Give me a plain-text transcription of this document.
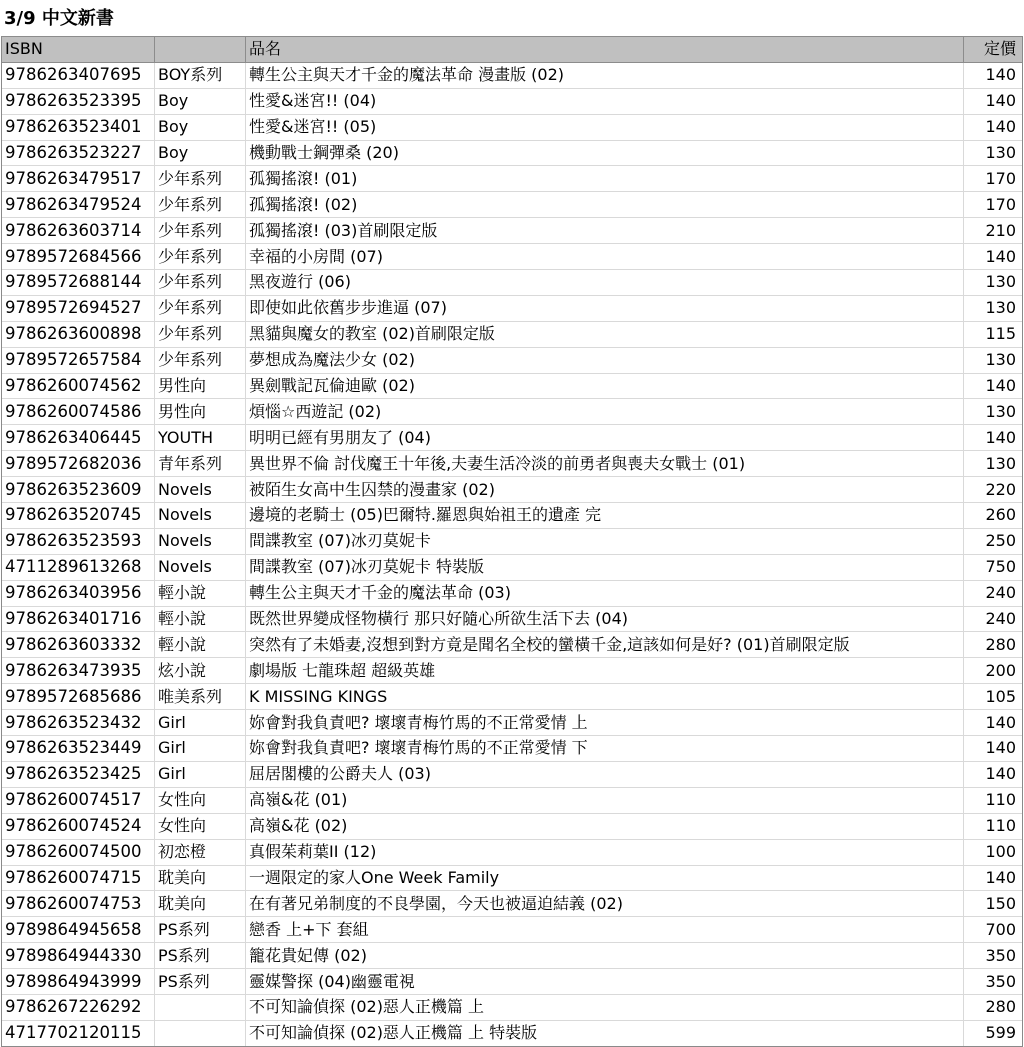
3/9 中文新書
ISBN		品名	定價
9786263407695	BOY系列	轉生公主與天才千金的魔法革命 漫畫版 (02)	140
9786263523395	Boy	性愛&迷宮!! (04)	140
9786263523401	Boy	性愛&迷宮!! (05)	140
9786263523227	Boy	機動戰士鋼彈桑 (20)	130
9786263479517	少年系列	孤獨搖滾! (01)	170
9786263479524	少年系列	孤獨搖滾! (02)	170
9786263603714	少年系列	孤獨搖滾! (03)首刷限定版	210
9789572684566	少年系列	幸福的小房間 (07)	140
9789572688144	少年系列	黑夜遊行 (06)	130
9789572694527	少年系列	即使如此依舊步步進逼 (07)	130
9786263600898	少年系列	黑貓與魔女的教室 (02)首刷限定版	115
9789572657584	少年系列	夢想成為魔法少女 (02)	130
9786260074562	男性向	異劍戰記瓦倫迪歐 (02)	140
9786260074586	男性向	煩惱☆西遊記 (02)	130
9786263406445	YOUTH	明明已經有男朋友了 (04)	140
9789572682036	青年系列	異世界不倫 討伐魔王十年後,夫妻生活冷淡的前勇者與喪夫女戰士 (01)	130
9786263523609	Novels	被陌生女高中生囚禁的漫畫家 (02)	220
9786263520745	Novels	邊境的老騎士 (05)巴爾特.羅恩與始祖王的遺產 完	260
9786263523593	Novels	間諜教室 (07)冰刃莫妮卡	250
4711289613268	Novels	間諜教室 (07)冰刃莫妮卡 特裝版	750
9786263403956	輕小說	轉生公主與天才千金的魔法革命 (03)	240
9786263401716	輕小說	既然世界變成怪物橫行 那只好隨心所欲生活下去 (04)	240
9786263603332	輕小說	突然有了未婚妻,沒想到對方竟是聞名全校的蠻橫千金,這該如何是好? (01)首刷限定版	280
9786263473935	炫小說	劇場版 七龍珠超 超級英雄	200
9789572685686	唯美系列	K MISSING KINGS	105
9786263523432	Girl	妳會對我負責吧? 壞壞青梅竹馬的不正常愛情 上	140
9786263523449	Girl	妳會對我負責吧? 壞壞青梅竹馬的不正常愛情 下	140
9786263523425	Girl	屈居閣樓的公爵夫人 (03)	140
9786260074517	女性向	高嶺&花 (01)	110
9786260074524	女性向	高嶺&花 (02)	110
9786260074500	初恋橙	真假茱莉葉II (12)	100
9786260074715	耽美向	一週限定的家人One Week Family	140
9786260074753	耽美向	在有著兄弟制度的不良學園，今天也被逼迫結義 (02)	150
9789864945658	PS系列	戀香 上+下 套組	700
9789864944330	PS系列	籠花貴妃傳 (02)	350
9789864943999	PS系列	靈媒警探 (04)幽靈電視	350
9786267226292		不可知論偵探 (02)惡人正機篇 上	280
4717702120115		不可知論偵探 (02)惡人正機篇 上 特裝版	599
